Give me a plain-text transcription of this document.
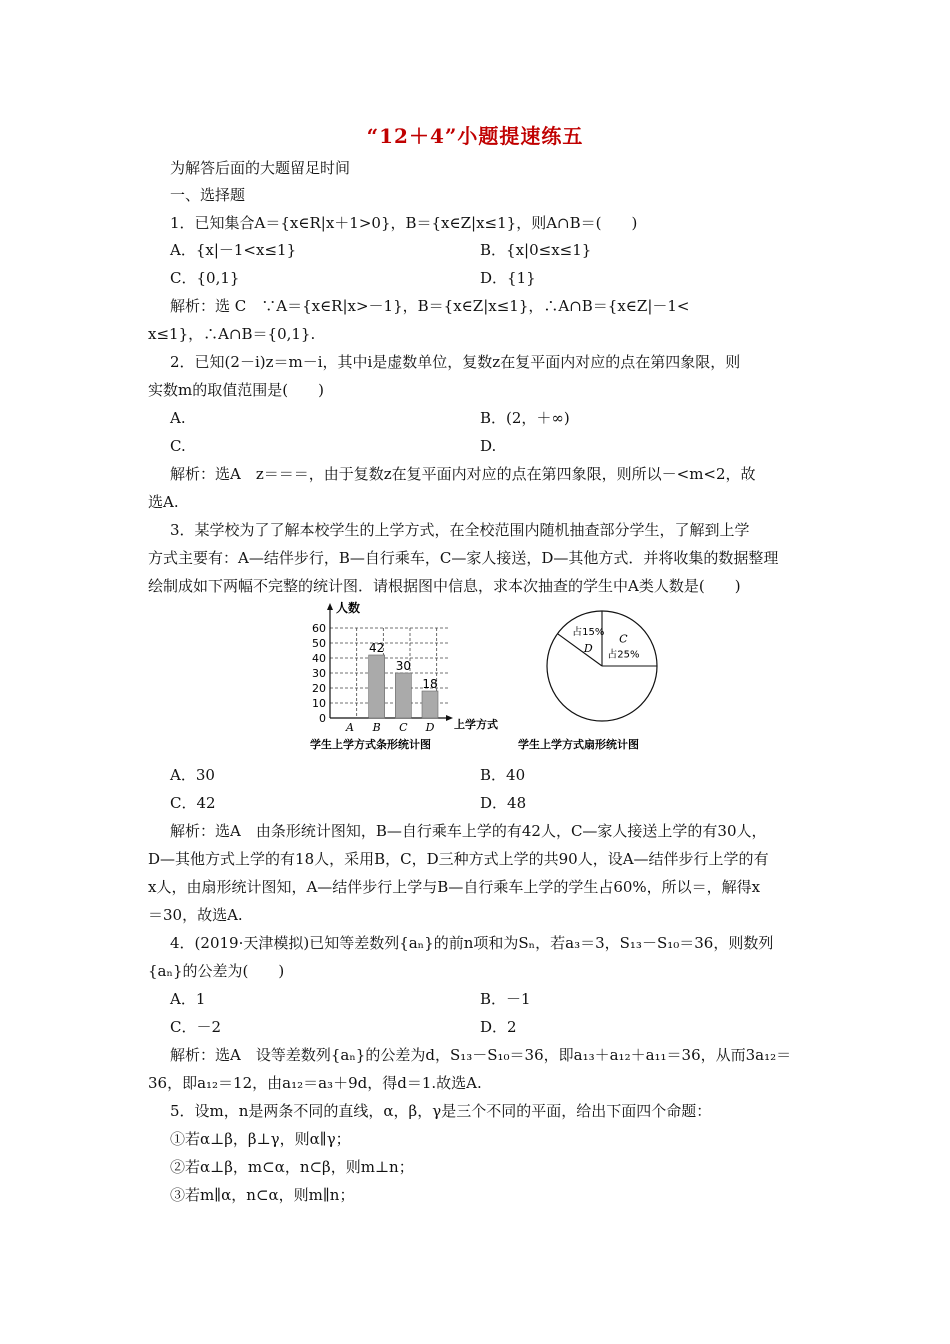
“12＋4”小题提速练五
为解答后面的大题留足时间
一、选择题
1．已知集合A＝{x∈R|x＋1>0}，B＝{x∈Z|x≤1}，则A∩B＝(　　)
A．{x|－1<x≤1}	B．{x|0≤x≤1}
C．{0,1}	D．{1}
解析：选 C　∵A＝{x∈R|x>－1}，B＝{x∈Z|x≤1}，∴A∩B＝{x∈Z|－1<
x≤1}，∴A∩B＝{0,1}.
2．已知(2－i)z＝m－i，其中i是虚数单位，复数z在复平面内对应的点在第四象限，则
实数m的取值范围是(　　)
A.	B．(2，＋∞)
C.	D.
解析：选A　z＝＝＝，由于复数z在复平面内对应的点在第四象限，则所以－<m<2，故
选A.
3．某学校为了了解本校学生的上学方式，在全校范围内随机抽查部分学生，了解到上学
方式主要有：A—结伴步行，B—自行乘车，C—家人接送，D—其他方式．并将收集的数据整理
绘制成如下两幅不完整的统计图．请根据图中信息，求本次抽查的学生中A类人数是(　　)
人数
上学方式
0
10
20
30
40
50
60
42
30
18
A B C D
学生上学方式条形统计图
占15%
D
占25%
C
学生上学方式扇形统计图
A．30	B．40
C．42	D．48
解析：选A　由条形统计图知，B—自行乘车上学的有42人，C—家人接送上学的有30人，
D—其他方式上学的有18人，采用B，C，D三种方式上学的共90人，设A—结伴步行上学的有
x人，由扇形统计图知，A—结伴步行上学与B—自行乘车上学的学生占60%，所以＝，解得x
＝30，故选A.
4．(2019·天津模拟)已知等差数列{aₙ}的前n项和为Sₙ，若a₃＝3，S₁₃－S₁₀＝36，则数列
{aₙ}的公差为(　　)
A．1	B．－1
C．－2	D．2
解析：选A　设等差数列{aₙ}的公差为d，S₁₃－S₁₀＝36，即a₁₃＋a₁₂＋a₁₁＝36，从而3a₁₂＝
36，即a₁₂＝12，由a₁₂＝a₃＋9d，得d＝1.故选A.
5．设m，n是两条不同的直线，α，β，γ是三个不同的平面，给出下面四个命题：
①若α⊥β，β⊥γ，则α∥γ；
②若α⊥β，m⊂α，n⊂β，则m⊥n；
③若m∥α，n⊂α，则m∥n；
